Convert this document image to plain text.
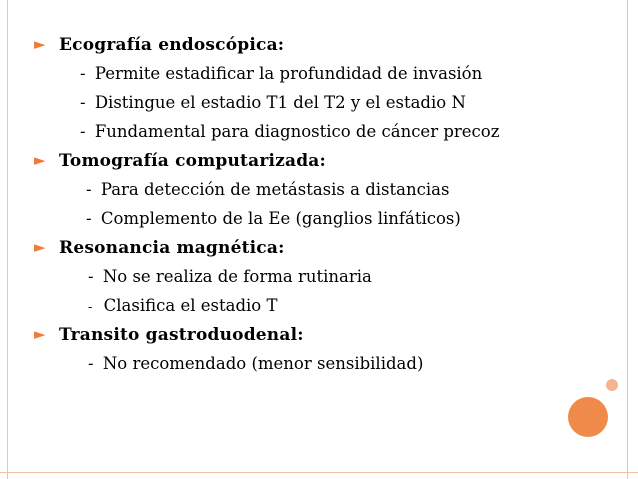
►︎ Ecografía endoscópica:
- Permite estadificar la profundidad de invasión
- Distingue el estadio T1 del T2 y el estadio N
- Fundamental para diagnostico de cáncer precoz
►︎ Tomografía computarizada:
- Para detección de metástasis a distancias
- Complemento de la Ee (ganglios linfáticos)
►︎ Resonancia magnética:
- No se realiza de forma rutinaria
- Clasifica el estadio T
►︎ Transito gastroduodenal:
- No recomendado (menor sensibilidad)
